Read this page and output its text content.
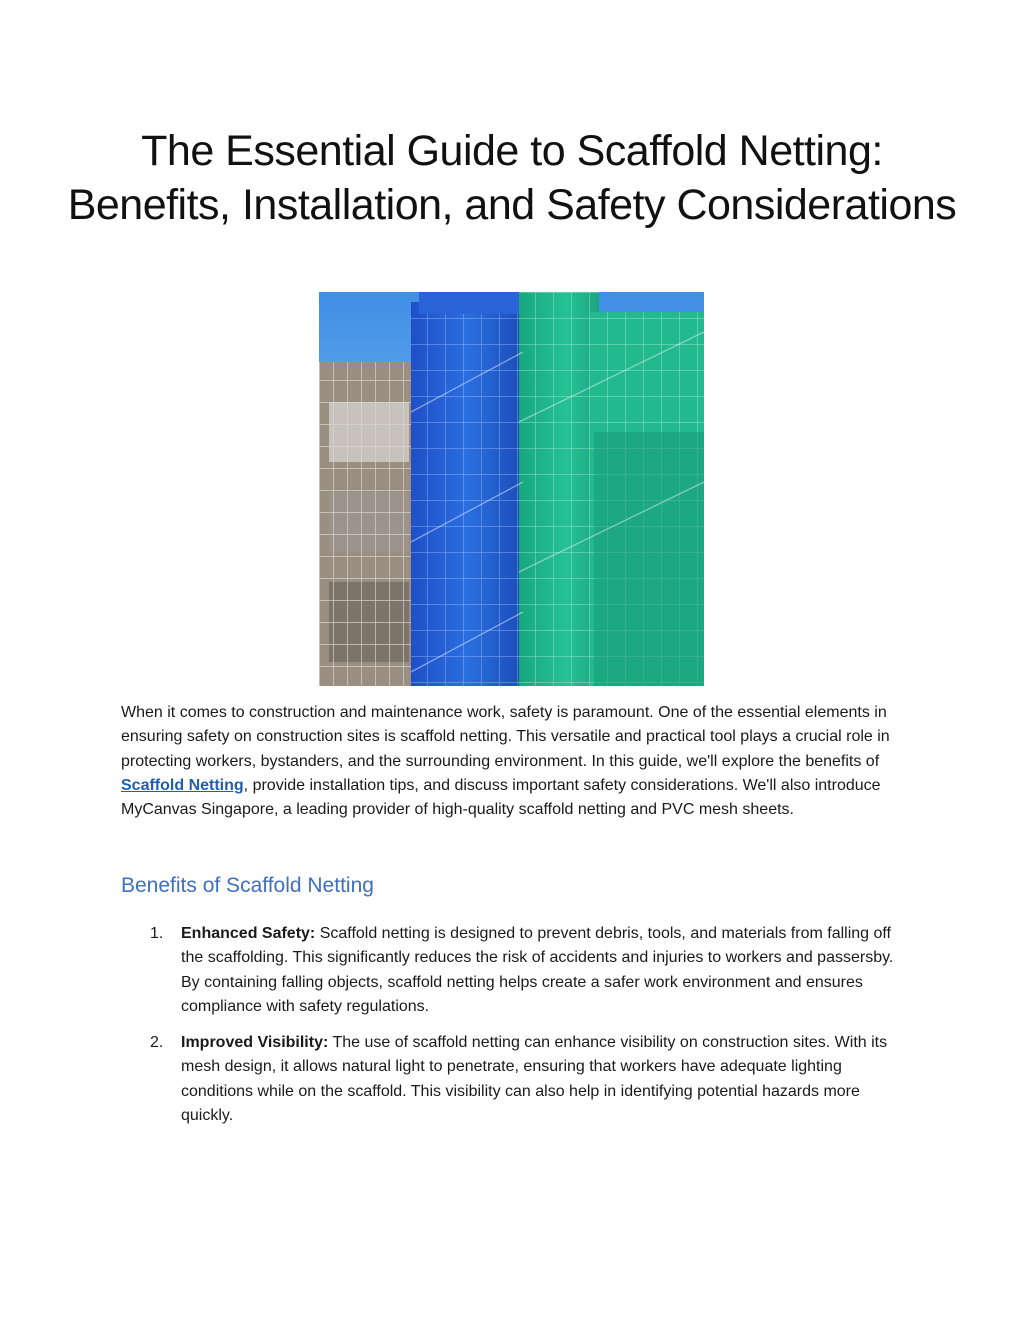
The Essential Guide to Scaffold Netting: Benefits, Installation, and Safety Considerations

When it comes to construction and maintenance work, safety is paramount. One of the essential elements in ensuring safety on construction sites is scaffold netting. This versatile and practical tool plays a crucial role in protecting workers, bystanders, and the surrounding environment. In this guide, we'll explore the benefits of Scaffold Netting, provide installation tips, and discuss important safety considerations. We'll also introduce MyCanvas Singapore, a leading provider of high-quality scaffold netting and PVC mesh sheets.

Benefits of Scaffold Netting
1. Enhanced Safety: Scaffold netting is designed to prevent debris, tools, and materials from falling off the scaffolding. This significantly reduces the risk of accidents and injuries to workers and passersby. By containing falling objects, scaffold netting helps create a safer work environment and ensures compliance with safety regulations.
2. Improved Visibility: The use of scaffold netting can enhance visibility on construction sites. With its mesh design, it allows natural light to penetrate, ensuring that workers have adequate lighting conditions while on the scaffold. This visibility can also help in identifying potential hazards more quickly.
